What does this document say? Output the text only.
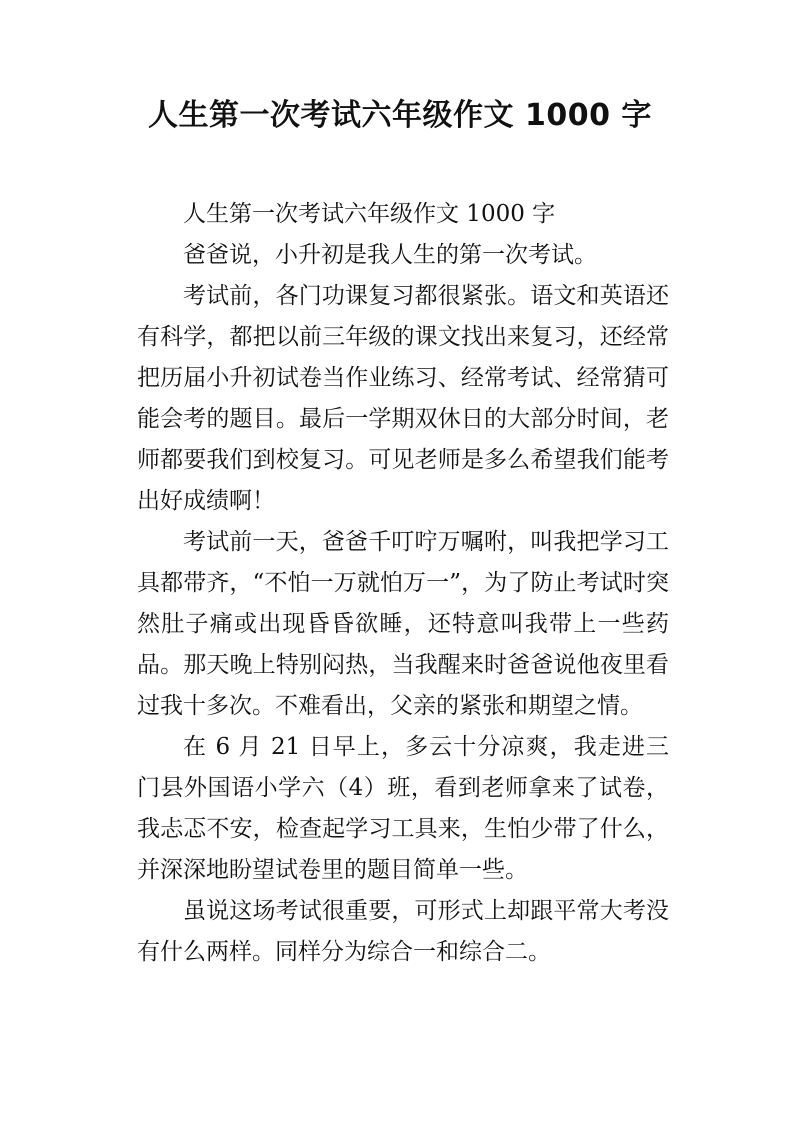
人生第一次考试六年级作文 1000 字

人生第一次考试六年级作文 1000 字

爸爸说，小升初是我人生的第一次考试。

考试前，各门功课复习都很紧张。语文和英语还有科学，都把以前三年级的课文找出来复习，还经常把历届小升初试卷当作业练习、经常考试、经常猜可能会考的题目。最后一学期双休日的大部分时间，老师都要我们到校复习。可见老师是多么希望我们能考出好成绩啊！

考试前一天，爸爸千叮咛万嘱咐，叫我把学习工具都带齐，“不怕一万就怕万一”，为了防止考试时突然肚子痛或出现昏昏欲睡，还特意叫我带上一些药品。那天晚上特别闷热，当我醒来时爸爸说他夜里看过我十多次。不难看出，父亲的紧张和期望之情。

在 6 月 21 日早上，多云十分凉爽，我走进三门县外国语小学六（4）班，看到老师拿来了试卷，我忐忑不安，检查起学习工具来，生怕少带了什么，并深深地盼望试卷里的题目简单一些。

虽说这场考试很重要，可形式上却跟平常大考没有什么两样。同样分为综合一和综合二。
